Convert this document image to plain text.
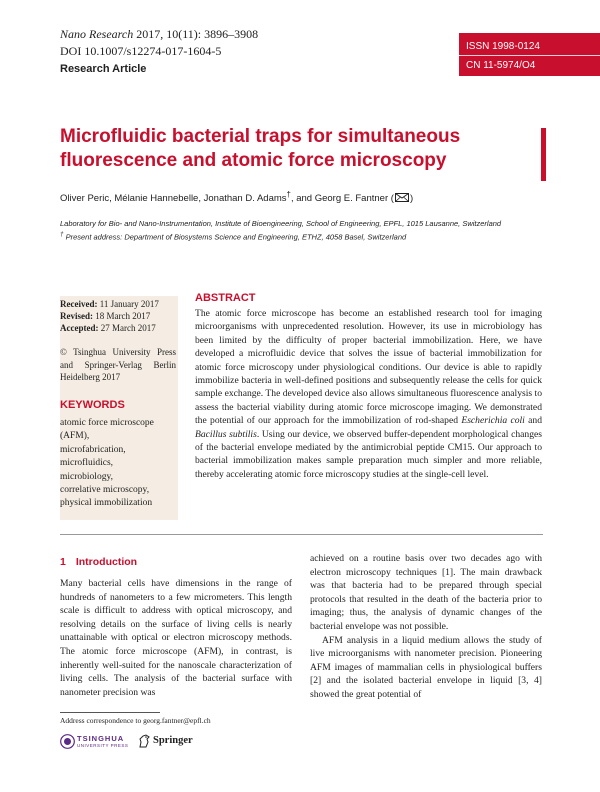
Nano Research 2017, 10(11): 3896–3908
DOI 10.1007/s12274-017-1604-5
Research Article
ISSN 1998-0124
CN 11-5974/O4
Microfluidic bacterial traps for simultaneous fluorescence and atomic force microscopy
Oliver Peric, Mélanie Hannebelle, Jonathan D. Adams†, and Georg E. Fantner ( )
Laboratory for Bio- and Nano-Instrumentation, Institute of Bioengineering, School of Engineering, EPFL, 1015 Lausanne, Switzerland
† Present address: Department of Biosystems Science and Engineering, ETHZ, 4058 Basel, Switzerland
Received: 11 January 2017
Revised: 18 March 2017
Accepted: 27 March 2017
© Tsinghua University Press and Springer-Verlag Berlin Heidelberg 2017
KEYWORDS
atomic force microscope (AFM),
microfabrication,
microfluidics,
microbiology,
correlative microscopy,
physical immobilization
ABSTRACT
The atomic force microscope has become an established research tool for imaging microorganisms with unprecedented resolution. However, its use in microbiology has been limited by the difficulty of proper bacterial immobilization. Here, we have developed a microfluidic device that solves the issue of bacterial immobilization for atomic force microscopy under physiological conditions. Our device is able to rapidly immobilize bacteria in well-defined positions and subsequently release the cells for quick sample exchange. The developed device also allows simultaneous fluorescence analysis to assess the bacterial viability during atomic force microscope imaging. We demonstrated the potential of our approach for the immobilization of rod-shaped Escherichia coli and Bacillus subtilis. Using our device, we observed buffer-dependent morphological changes of the bacterial envelope mediated by the antimicrobial peptide CM15. Our approach to bacterial immobilization makes sample preparation much simpler and more reliable, thereby accelerating atomic force microscopy studies at the single-cell level.
1 Introduction
Many bacterial cells have dimensions in the range of hundreds of nanometers to a few micrometers. This length scale is difficult to address with optical microscopy, and resolving details on the surface of living cells is nearly unattainable with optical or electron microscopy methods. The atomic force microscope (AFM), in contrast, is inherently well-suited for the nanoscale characterization of living cells. The analysis of the bacterial surface with nanometer precision was

achieved on a routine basis over two decades ago with electron microscopy techniques [1]. The main drawback was that bacteria had to be prepared through special protocols that resulted in the death of the bacteria prior to imaging; thus, the analysis of dynamic changes of the bacterial envelope was not possible.

AFM analysis in a liquid medium allows the study of live microorganisms with nanometer precision. Pioneering AFM images of mammalian cells in physiological buffers [2] and the isolated bacterial envelope in liquid [3, 4] showed the great potential of

Address correspondence to georg.fantner@epfl.ch
TSINGHUA
UNIVERSITY PRESS Springer
